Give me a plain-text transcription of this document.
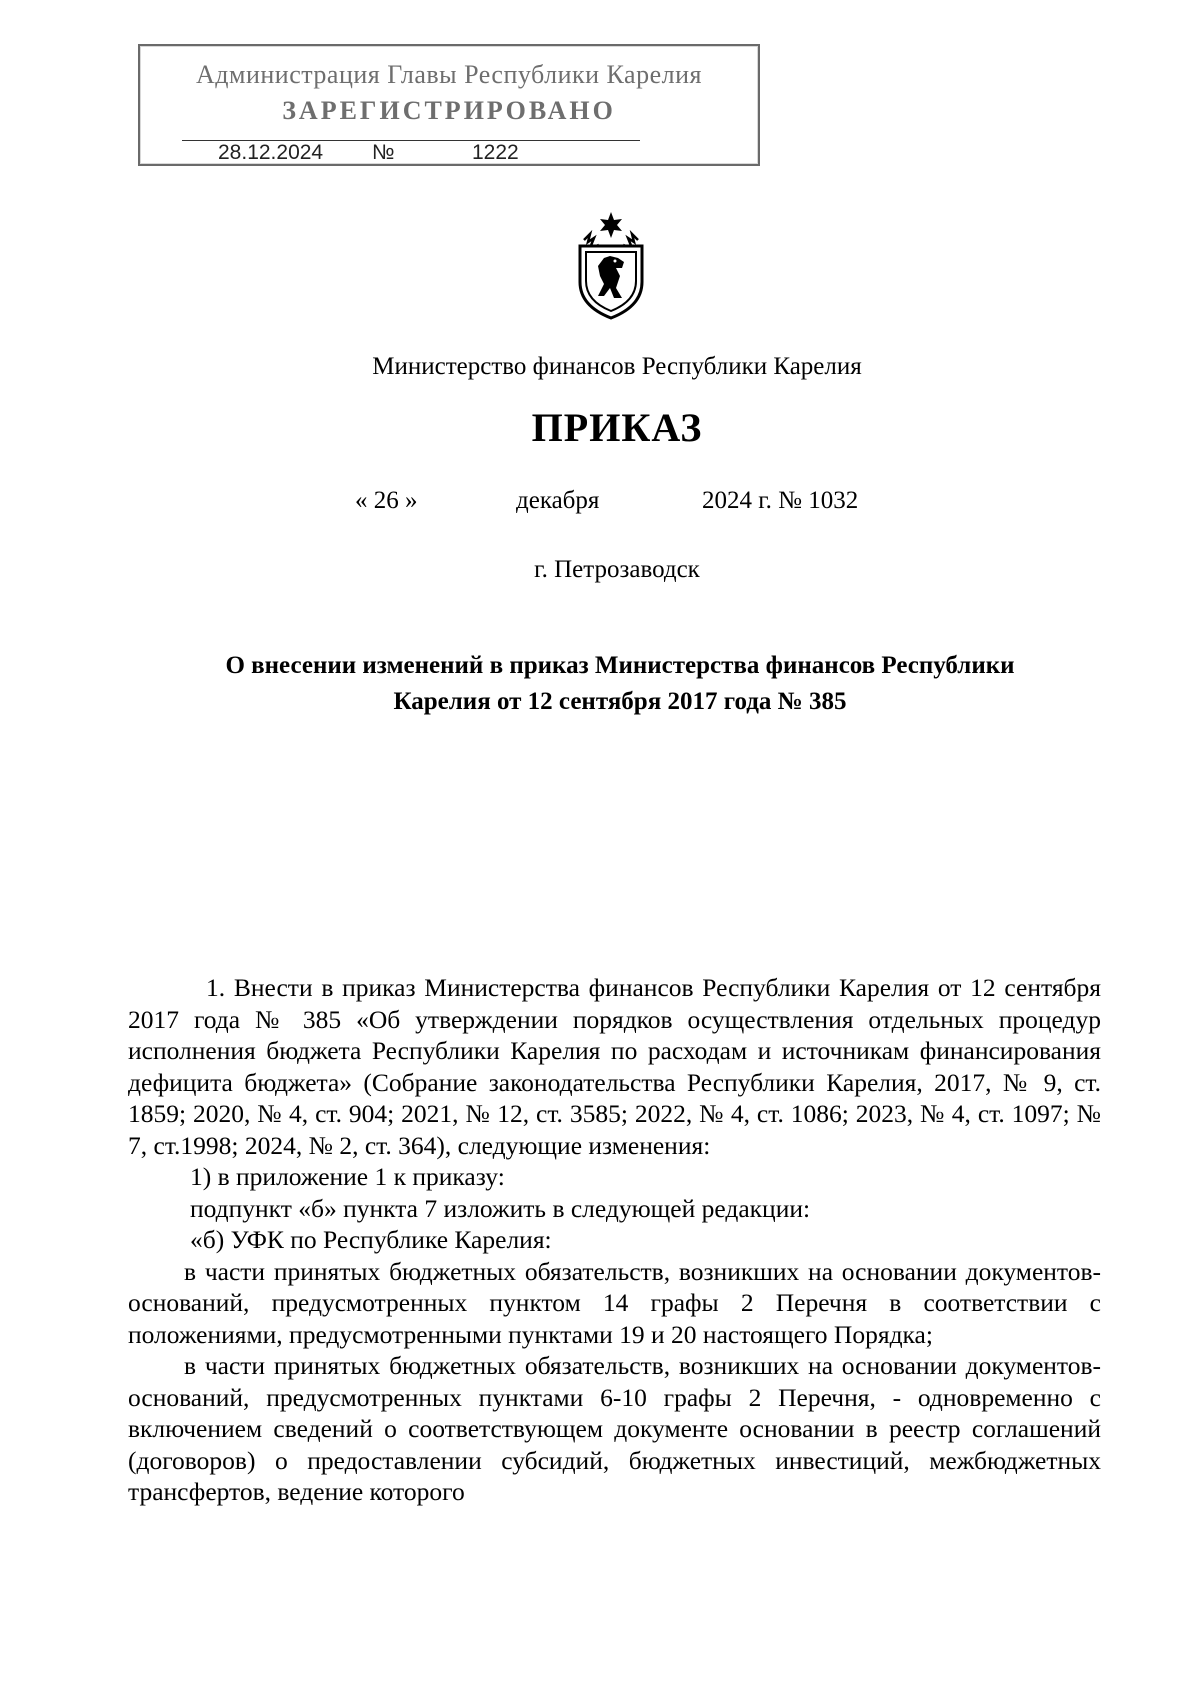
Администрация Главы Республики Карелия
ЗАРЕГИСТРИРОВАНО
28.12.2024 №	1222
Министерство финансов Республики Карелия
ПРИКАЗ
« 26 »	декабря	2024 г. № 1032
г. Петрозаводск
О внесении изменений в приказ Министерства финансов Республики
Карелия от 12 сентября 2017 года № 385

1. Внести в приказ Министерства финансов Республики Карелия от 12 сентября 2017 года № 385 «Об утверждении порядков осуществления отдельных процедур исполнения бюджета Республики Карелия по расходам и источникам финансирования дефицита бюджета» (Собрание законодательства Республики Карелия, 2017, № 9, ст. 1859; 2020, № 4, ст. 904; 2021, № 12, ст. 3585; 2022, № 4, ст. 1086; 2023, № 4, ст. 1097; № 7, ст.1998; 2024, № 2, ст. 364), следующие изменения:

1) в приложение 1 к приказу:

подпункт «б» пункта 7 изложить в следующей редакции:

«б) УФК по Республике Карелия:

в части принятых бюджетных обязательств, возникших на основании документов-оснований, предусмотренных пунктом 14 графы 2 Перечня в соответствии с положениями, предусмотренными пунктами 19 и 20 настоящего Порядка;

в части принятых бюджетных обязательств, возникших на основании документов-оснований, предусмотренных пунктами 6-10 графы 2 Перечня, - одновременно с включением сведений о соответствующем документе основании в реестр соглашений (договоров) о предоставлении субсидий, бюджетных инвестиций, межбюджетных трансфертов, ведение которого
